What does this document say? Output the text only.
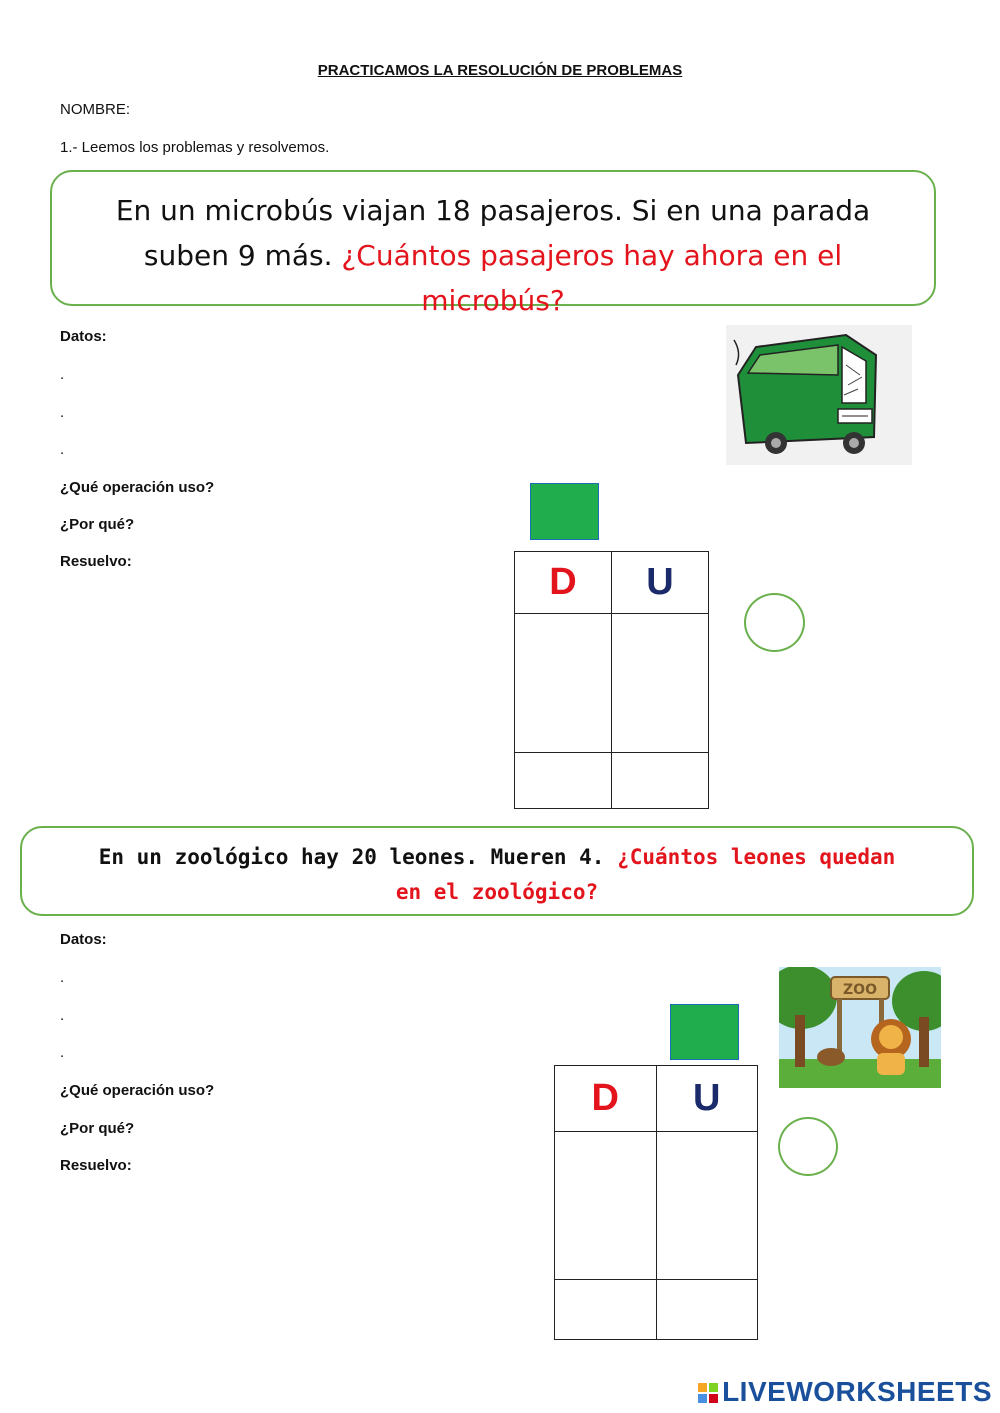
PRACTICAMOS LA RESOLUCIÓN DE PROBLEMAS
NOMBRE:
1.- Leemos los problemas y resolvemos.
En un microbús viajan 18 pasajeros. Si en una parada suben 9 más. ¿Cuántos pasajeros hay ahora en el microbús?
Datos:
.
.
.
¿Qué operación uso?
¿Por qué?
Resuelvo:	D	U

En un zoológico hay 20 leones. Mueren 4. ¿Cuántos leones quedan en el zoológico?
Datos:
.
.
.
¿Qué operación uso?
¿Por qué?
Resuelvo:
ZOO
D	U

LIVEWORKSHEETS
